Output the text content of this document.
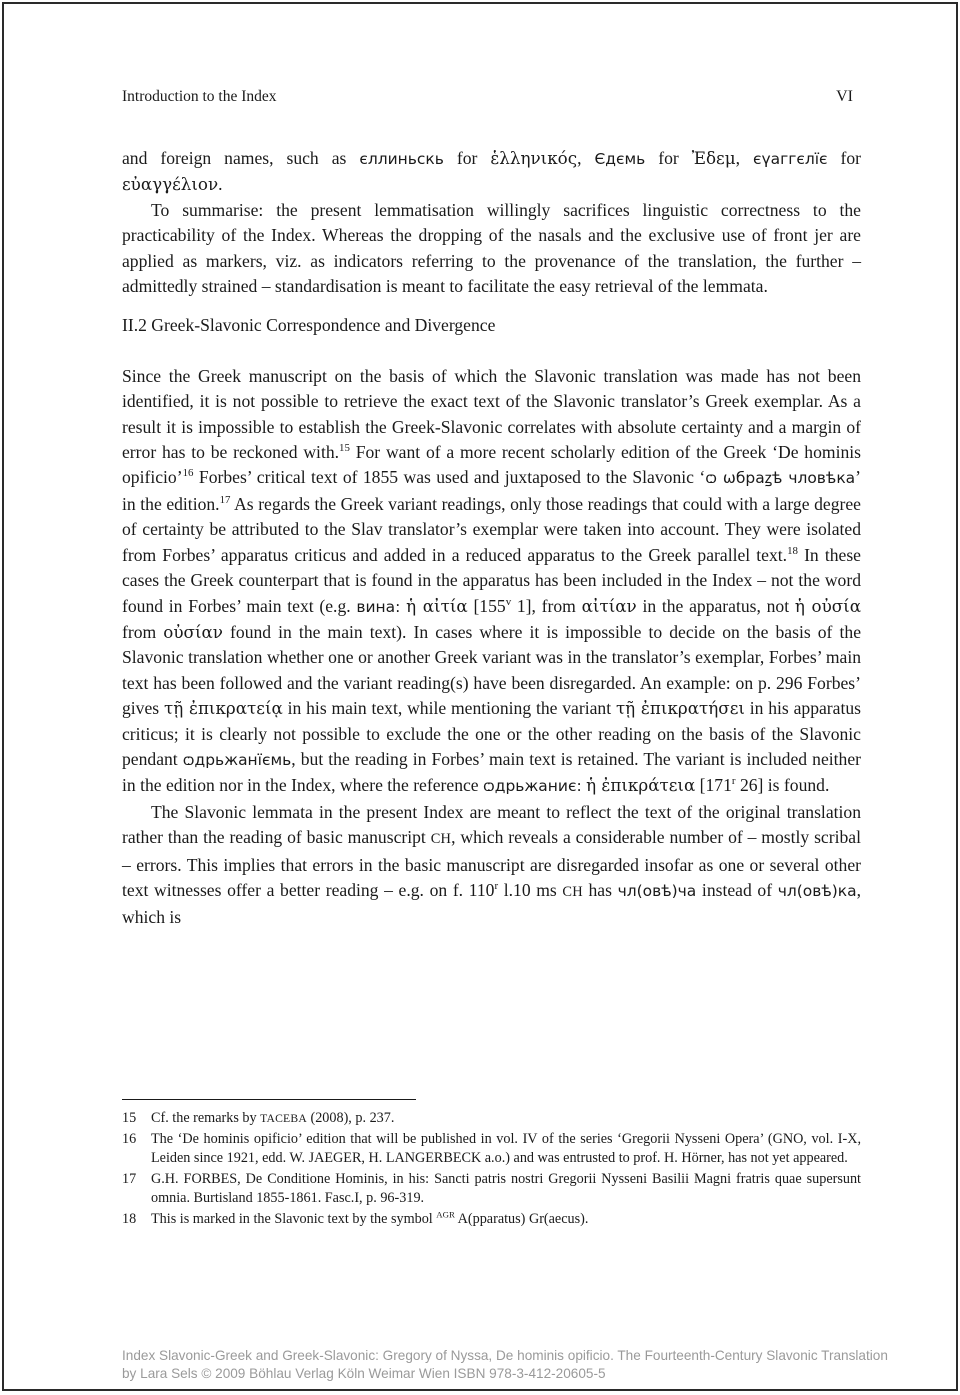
Introduction to the Index	VI

and foreign names, such as єллиньскь for ἑλληνικός, Єдємь for Ἐδεμ, єүаггєлїє for εὐαγγέλιον.

To summarise: the present lemmatisation willingly sacrifices linguistic correctness to the practicability of the Index. Whereas the dropping of the nasals and the exclusive use of front jer are applied as markers, viz. as indicators referring to the provenance of the translation, the further – admittedly strained – standardisation is meant to facilitate the easy retrieval of the lemmata.

II.2 Greek-Slavonic Correspondence and Divergence

Since the Greek manuscript on the basis of which the Slavonic translation was made has not been identified, it is not possible to retrieve the exact text of the Slavonic translator’s Greek exemplar. As a result it is impossible to establish the Greek-Slavonic correlates with absolute certainty and a margin of error has to be reckoned with.$^{15}$ For want of a more recent scholarly edition of the Greek ‘De hominis opificio’$^{16}$ Forbes’ critical text of 1855 was used and juxtaposed to the Slavonic ‘ѻ ѡбраꙁѣ чловѣка’ in the edition.$^{17}$ As regards the Greek variant readings, only those readings that could with a large degree of certainty be attributed to the Slav translator’s exemplar were taken into account. They were isolated from Forbes’ apparatus criticus and added in a reduced apparatus to the Greek parallel text.$^{18}$ In these cases the Greek counterpart that is found in the apparatus has been included in the Index – not the word found in Forbes’ main text (e.g. вина: ἡ αἰτία [155$^v$ 1], from αἰτίαν in the apparatus, not ἡ οὐσία from οὐσίαν found in the main text). In cases where it is impossible to decide on the basis of the Slavonic translation whether one or another Greek variant was in the translator’s exemplar, Forbes’ main text has been followed and the variant reading(s) have been disregarded. An example: on p. 296 Forbes’ gives τῇ ἐπικρατείᾳ in his main text, while mentioning the variant τῇ ἐπικρατήσει in his apparatus criticus; it is clearly not possible to exclude the one or the other reading on the basis of the Slavonic pendant ѻдрьжанїємь, but the reading in Forbes’ main text is retained. The variant is included neither in the edition nor in the Index, where the reference ѻдрьжаниє: ἡ ἐπικράτεια [171$^r$ 26] is found.

The Slavonic lemmata in the present Index are meant to reflect the text of the original translation rather than the reading of basic manuscript CH, which reveals a considerable number of – mostly scribal – errors. This implies that errors in the basic manuscript are disregarded insofar as one or several other text witnesses offer a better reading – e.g. on f. 110$^r$ l.10 ms CH has чл(овѣ)ча instead of чл(овѣ)ка, which is

15	Cf. the remarks by TACEBA (2008), p. 237.
16	The ‘De hominis opificio’ edition that will be published in vol. IV of the series ‘Gregorii Nysseni Opera’ (GNO, vol. I-X, Leiden since 1921, edd. W. JAEGER, H. LANGERBECK a.o.) and was entrusted to prof. H. Hörner, has not yet appeared.
17	G.H. FORBES, De Conditione Hominis, in his: Sancti patris nostri Gregorii Nysseni Basilii Magni fratris quae supersunt omnia. Burtisland 1855-1861. Fasc.I, p. 96-319.
18	This is marked in the Slavonic text by the symbol $^{AGR}$ A(pparatus) Gr(aecus).
Index Slavonic-Greek and Greek-Slavonic: Gregory of Nyssa, De hominis opificio. The Fourteenth-Century Slavonic Translation
by Lara Sels © 2009 Böhlau Verlag Köln Weimar Wien ISBN 978-3-412-20605-5
